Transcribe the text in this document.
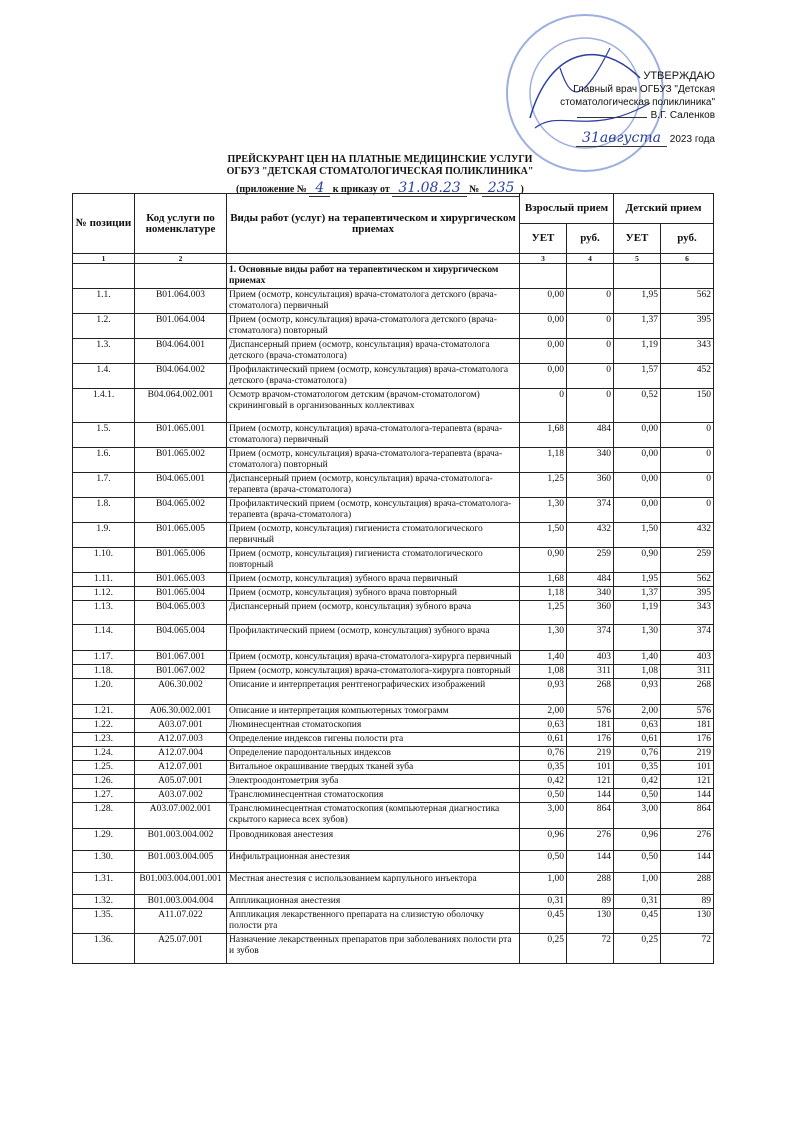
УТВЕРЖДАЮ
Главный врач ОГБУЗ "Детская
стоматологическая поликлиника"
В.Г. Саленков
31августа 2023 года
ПРЕЙСКУРАНТ ЦЕН НА ПЛАТНЫЕ МЕДИЦИНСКИЕ УСЛУГИ
ОГБУЗ "ДЕТСКАЯ СТОМАТОЛОГИЧЕСКАЯ ПОЛИКЛИНИКА"
(приложение № 4 к приказу от 31.08.23 № 235 )
№ позиции	Код услуги по номенклатуре	Виды работ (услуг) на терапевтическом и хирургическом приемах	Взрослый прием		Детский прием	
			УЕТ	руб.	УЕТ	руб.
1	2		3	4	5	6
		1. Основные виды работ на терапевтическом и хирургическом приемах				
1.1.	В01.064.003	Прием (осмотр, консультация) врача-стоматолога детского (врача-стоматолога) первичный	0,00	0	1,95	562
1.2.	В01.064.004	Прием (осмотр, консультация) врача-стоматолога детского (врача-стоматолога) повторный	0,00	0	1,37	395
1.3.	В04.064.001	Диспансерный прием (осмотр, консультация) врача-стоматолога детского (врача-стоматолога)	0,00	0	1,19	343
1.4.	В04.064.002	Профилактический прием (осмотр, консультация) врача-стоматолога детского (врача-стоматолога)	0,00	0	1,57	452
1.4.1.	В04.064.002.001	Осмотр врачом-стоматологом детским (врачом-стоматологом) скрининговый в организованных коллективах	0	0	0,52	150
1.5.	В01.065.001	Прием (осмотр, консультация) врача-стоматолога-терапевта (врача-стоматолога) первичный	1,68	484	0,00	0
1.6.	В01.065.002	Прием (осмотр, консультация) врача-стоматолога-терапевта (врача-стоматолога) повторный	1,18	340	0,00	0
1.7.	В04.065.001	Диспансерный прием (осмотр, консультация) врача-стоматолога-терапевта (врача-стоматолога)	1,25	360	0,00	0
1.8.	В04.065.002	Профилактический прием (осмотр, консультация) врача-стоматолога-терапевта (врача-стоматолога)	1,30	374	0,00	0
1.9.	В01.065.005	Прием (осмотр, консультация) гигиениста стоматологического первичный	1,50	432	1,50	432
1.10.	В01.065.006	Прием (осмотр, консультация) гигиениста стоматологического повторный	0,90	259	0,90	259
1.11.	В01.065.003	Прием (осмотр, консультация) зубного врача первичный	1,68	484	1,95	562
1.12.	В01.065.004	Прием (осмотр, консультация) зубного врача повторный	1,18	340	1,37	395
1.13.	В04.065.003	Диспансерный прием (осмотр, консультация) зубного врача	1,25	360	1,19	343
1.14.	В04.065.004	Профилактический прием (осмотр, консультация) зубного врача	1,30	374	1,30	374
1.17.	В01.067.001	Прием (осмотр, консультация) врача-стоматолога-хирурга первичный	1,40	403	1,40	403
1.18.	В01.067.002	Прием (осмотр, консультация) врача-стоматолога-хирурга повторный	1,08	311	1,08	311
1.20.	А06.30.002	Описание и интерпретация рентгенографических изображений	0,93	268	0,93	268
1.21.	А06.30.002.001	Описание и интерпретация компьютерных томограмм	2,00	576	2,00	576
1.22.	А03.07.001	Люминесцентная стоматоскопия	0,63	181	0,63	181
1.23.	А12.07.003	Определение индексов гигены полости рта	0,61	176	0,61	176
1.24.	А12.07.004	Определение пародонтальных индексов	0,76	219	0,76	219
1.25.	А12.07.001	Витальное окрашивание твердых тканей зуба	0,35	101	0,35	101
1.26.	А05.07.001	Электроодонтометрия зуба	0,42	121	0,42	121
1.27.	А03.07.002	Трансл​юминесцентная стоматоскопия	0,50	144	0,50	144
1.28.	А03.07.002.001	Трансл​юминесцентная стоматоскопия (компьютерная диагностика скрытого кариеса всех зубов)	3,00	864	3,00	864
1.29.	В01.003.004.002	Проводниковая анестезия	0,96	276	0,96	276
1.30.	В01.003.004.005	Инфильтрационная анестезия	0,50	144	0,50	144
1.31.	В01.003.004.001.001	Местная анестезия с использованием карпульного инъектора	1,00	288	1,00	288
1.32.	В01.003.004.004	Аппликационная анестезия	0,31	89	0,31	89
1.35.	А11.07.022	Аппликация лекарственного препарата на слизистую оболочку полости рта	0,45	130	0,45	130
1.36.	А25.07.001	Назначение лекарственных препаратов при заболеваниях полости рта и зубов	0,25	72	0,25	72
